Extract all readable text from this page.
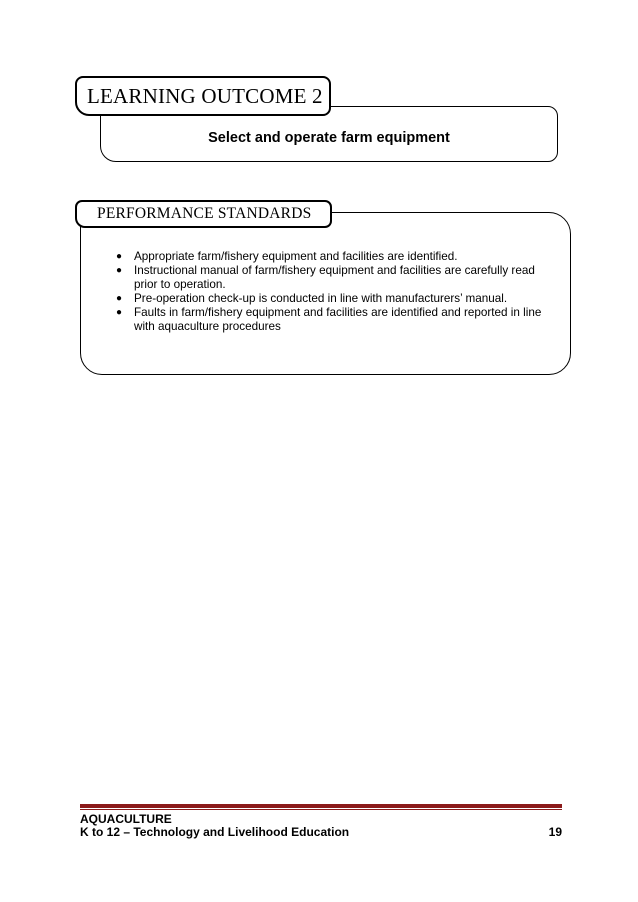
LEARNING OUTCOME 2
Select and operate farm equipment
PERFORMANCE STANDARDS
● Appropriate farm/fishery equipment and facilities are identified.
● Instructional manual of farm/fishery equipment and facilities are carefully read prior to operation.
● Pre-operation check-up is conducted in line with manufacturers’ manual.
● Faults in farm/fishery equipment and facilities are identified and reported in line with aquaculture procedures
AQUACULTURE
K to 12 – Technology and Livelihood Education	19
